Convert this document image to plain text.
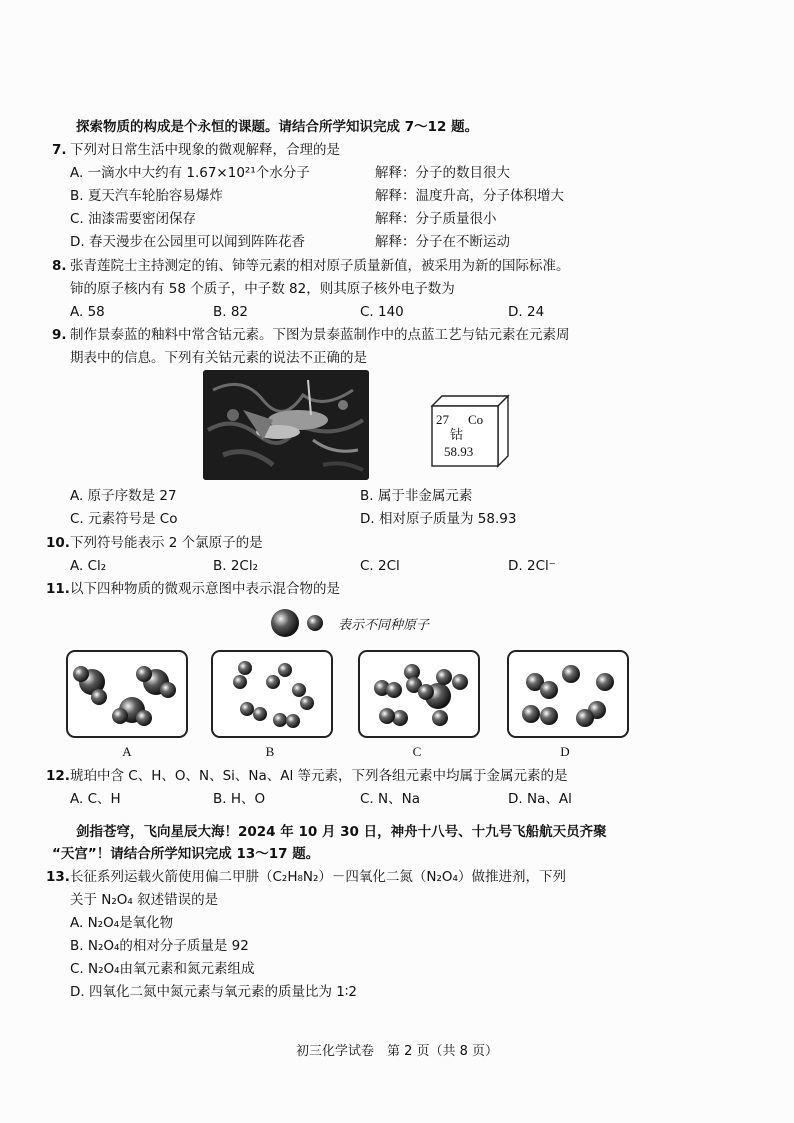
探索物质的构成是个永恒的课题。请结合所学知识完成 7～12 题。
7. 下列对日常生活中现象的微观解释，合理的是
A. 一滴水中大约有 1.67×10²¹个水分子	解释：分子的数目很大
B. 夏天汽车轮胎容易爆炸	解释：温度升高，分子体积增大
C. 油漆需要密闭保存	解释：分子质量很小
D. 春天漫步在公园里可以闻到阵阵花香	解释：分子在不断运动
8. 张青莲院士主持测定的铕、铈等元素的相对原子质量新值，被采用为新的国际标准。
铈的原子核内有 58 个质子，中子数 82，则其原子核外电子数为
A. 58	B. 82	C. 140	D. 24
9. 制作景泰蓝的釉料中常含钴元素。下图为景泰蓝制作中的点蓝工艺与钴元素在元素周
期表中的信息。下列有关钴元素的说法不正确的是
27 Co
钴
58.93
A. 原子序数是 27	B. 属于非金属元素
C. 元素符号是 Co	D. 相对原子质量为 58.93
10. 下列符号能表示 2 个氯原子的是
A. Cl₂	B. 2Cl₂	C. 2Cl	D. 2Cl⁻
11. 以下四种物质的微观示意图中表示混合物的是
表示不同种原子
A	B	C	D
12. 琥珀中含 C、H、O、N、Si、Na、Al 等元素，下列各组元素中均属于金属元素的是
A. C、H	B. H、O	C. N、Na	D. Na、Al
剑指苍穹，飞向星辰大海！2024 年 10 月 30 日，神舟十八号、十九号飞船航天员齐聚
“天宫”！请结合所学知识完成 13～17 题。
13. 长征系列运载火箭使用偏二甲肼（C₂H₈N₂）－四氧化二氮（N₂O₄）做推进剂，下列
关于 N₂O₄ 叙述错误的是
A. N₂O₄是氧化物
B. N₂O₄的相对分子质量是 92
C. N₂O₄由氧元素和氮元素组成
D. 四氧化二氮中氮元素与氧元素的质量比为 1∶2
初三化学试卷　第 2 页（共 8 页）
